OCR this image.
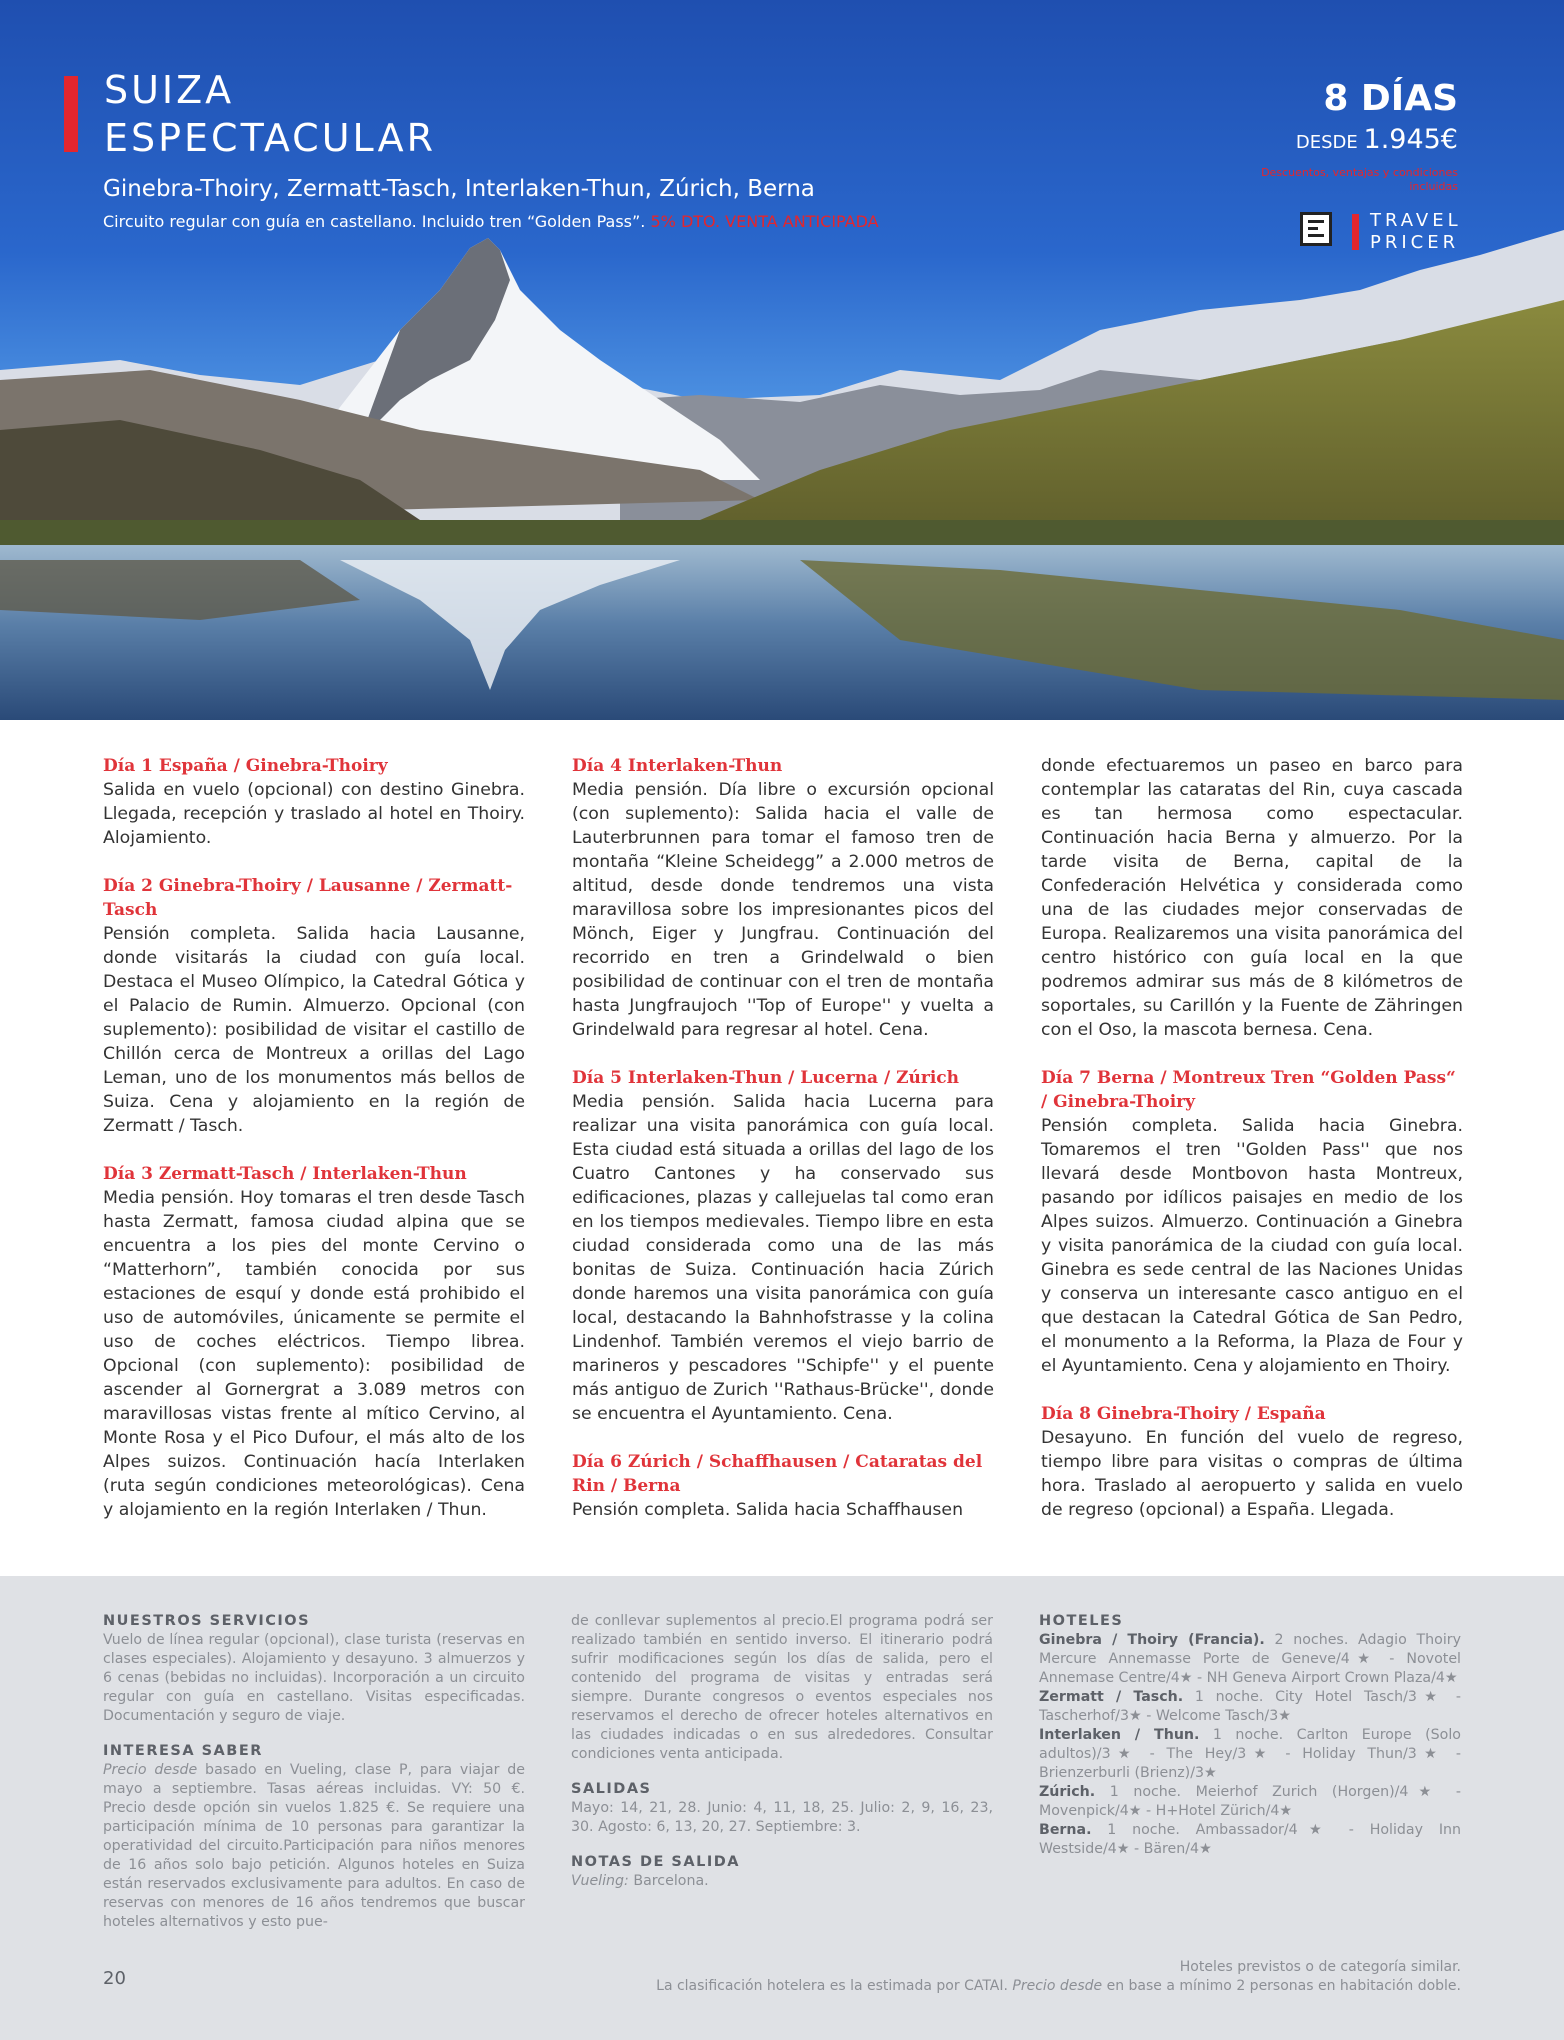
SUIZA
ESPECTACULAR
Ginebra-Thoiry, Zermatt-Tasch, Interlaken-Thun, Zúrich, Berna
Circuito regular con guía en castellano. Incluido tren “Golden Pass”. 5% DTO. VENTA ANTICIPADA
8 DÍAS
DESDE 1.945€
Descuentos, ventajas y condiciones incluidas
TRAVEL
PRICER
Día 1 España / Ginebra-Thoiry
Salida en vuelo (opcional) con destino Ginebra. Llegada, recepción y traslado al hotel en Thoiry. Alojamiento.
Día 2 Ginebra-Thoiry / Lausanne / Zermatt-Tasch
Pensión completa. Salida hacia Lausanne, donde visitarás la ciudad con guía local. Destaca el Museo Olímpico, la Catedral Gótica y el Palacio de Rumin. Almuerzo. Opcional (con suplemento): posibilidad de visitar el castillo de Chillón cerca de Montreux a orillas del Lago Leman, uno de los monumentos más bellos de Suiza. Cena y alojamiento en la región de Zermatt / Tasch.
Día 3 Zermatt-Tasch / Interlaken-Thun
Media pensión. Hoy tomaras el tren desde Tasch hasta Zermatt, famosa ciudad alpina que se encuentra a los pies del monte Cervino o “Matterhorn”, también conocida por sus estaciones de esquí y donde está prohibido el uso de automóviles, únicamente se permite el uso de coches eléctricos. Tiempo librea. Opcional (con suplemento): posibilidad de ascender al Gornergrat a 3.089 metros con maravillosas vistas frente al mítico Cervino, al Monte Rosa y el Pico Dufour, el más alto de los Alpes suizos. Continuación hacía Interlaken (ruta según condiciones meteorológicas). Cena y alojamiento en la región Interlaken / Thun.
Día 4 Interlaken-Thun
Media pensión. Día libre o excursión opcional (con suplemento): Salida hacia el valle de Lauterbrunnen para tomar el famoso tren de montaña “Kleine Scheidegg” a 2.000 metros de altitud, desde donde tendremos una vista maravillosa sobre los impresionantes picos del Mönch, Eiger y Jungfrau. Continuación del recorrido en tren a Grindelwald o bien posibilidad de continuar con el tren de montaña hasta Jungfraujoch ''Top of Europe'' y vuelta a Grindelwald para regresar al hotel. Cena.
Día 5 Interlaken-Thun / Lucerna / Zúrich
Media pensión. Salida hacia Lucerna para realizar una visita panorámica con guía local. Esta ciudad está situada a orillas del lago de los Cuatro Cantones y ha conservado sus edificaciones, plazas y callejuelas tal como eran en los tiempos medievales. Tiempo libre en esta ciudad considerada como una de las más bonitas de Suiza. Continuación hacia Zúrich donde haremos una visita panorámica con guía local, destacando la Bahnhofstrasse y la colina Lindenhof. También veremos el viejo barrio de marineros y pescadores ''Schipfe'' y el puente más antiguo de Zurich ''Rathaus-Brücke'', donde se encuentra el Ayuntamiento. Cena.
Día 6 Zúrich / Schaffhausen / Cataratas del Rin / Berna
Pensión completa. Salida hacia Schaffhausen
donde efectuaremos un paseo en barco para contemplar las cataratas del Rin, cuya cascada es tan hermosa como espectacular. Continuación hacia Berna y almuerzo. Por la tarde visita de Berna, capital de la Confederación Helvética y considerada como una de las ciudades mejor conservadas de Europa. Realizaremos una visita panorámica del centro histórico con guía local en la que podremos admirar sus más de 8 kilómetros de soportales, su Carillón y la Fuente de Zähringen con el Oso, la mascota bernesa. Cena.
Día 7 Berna / Montreux Tren “Golden Pass“ / Ginebra-Thoiry
Pensión completa. Salida hacia Ginebra. Tomaremos el tren ''Golden Pass'' que nos llevará desde Montbovon hasta Montreux, pasando por idílicos paisajes en medio de los Alpes suizos. Almuerzo. Continuación a Ginebra y visita panorámica de la ciudad con guía local. Ginebra es sede central de las Naciones Unidas y conserva un interesante casco antiguo en el que destacan la Catedral Gótica de San Pedro, el monumento a la Reforma, la Plaza de Four y el Ayuntamiento. Cena y alojamiento en Thoiry.
Día 8 Ginebra-Thoiry / España
Desayuno. En función del vuelo de regreso, tiempo libre para visitas o compras de última hora. Traslado al aeropuerto y salida en vuelo de regreso (opcional) a España. Llegada.
NUESTROS SERVICIOS
Vuelo de línea regular (opcional), clase turista (reservas en clases especiales). Alojamiento y desayuno. 3 almuerzos y 6 cenas (bebidas no incluidas). Incorporación a un circuito regular con guía en castellano. Visitas especificadas. Documentación y seguro de viaje.
INTERESA SABER
Precio desde basado en Vueling, clase P, para viajar de mayo a septiembre. Tasas aéreas incluidas. VY: 50 €. Precio desde opción sin vuelos 1.825 €. Se requiere una participación mínima de 10 personas para garantizar la operatividad del circuito.Participación para niños menores de 16 años solo bajo petición. Algunos hoteles en Suiza están reservados exclusivamente para adultos. En caso de reservas con menores de 16 años tendremos que buscar hoteles alternativos y esto pue-
de conllevar suplementos al precio.El programa podrá ser realizado también en sentido inverso. El itinerario podrá sufrir modificaciones según los días de salida, pero el contenido del programa de visitas y entradas será siempre. Durante congresos o eventos especiales nos reservamos el derecho de ofrecer hoteles alternativos en las ciudades indicadas o en sus alrededores. Consultar condiciones venta anticipada.
SALIDAS
Mayo: 14, 21, 28. Junio: 4, 11, 18, 25. Julio: 2, 9, 16, 23, 30. Agosto: 6, 13, 20, 27. Septiembre: 3.
NOTAS DE SALIDA
Vueling: Barcelona.
HOTELES
Ginebra / Thoiry (Francia). 2 noches. Adagio Thoiry Mercure Annemasse Porte de Geneve/4★ - Novotel Annemase Centre/4★ - NH Geneva Airport Crown Plaza/4★
Zermatt / Tasch. 1 noche. City Hotel Tasch/3★ - Tascherhof/3★ - Welcome Tasch/3★
Interlaken / Thun. 1 noche. Carlton Europe (Solo adultos)/3★ - The Hey/3★ - Holiday Thun/3★ - Brienzerburli (Brienz)/3★
Zúrich. 1 noche. Meierhof Zurich (Horgen)/4★ - Movenpick/4★ - H+Hotel Zürich/4★
Berna. 1 noche. Ambassador/4★ - Holiday Inn Westside/4★ - Bären/4★
20
Hoteles previstos o de categoría similar.
La clasificación hotelera es la estimada por CATAI. Precio desde en base a mínimo 2 personas en habitación doble.
